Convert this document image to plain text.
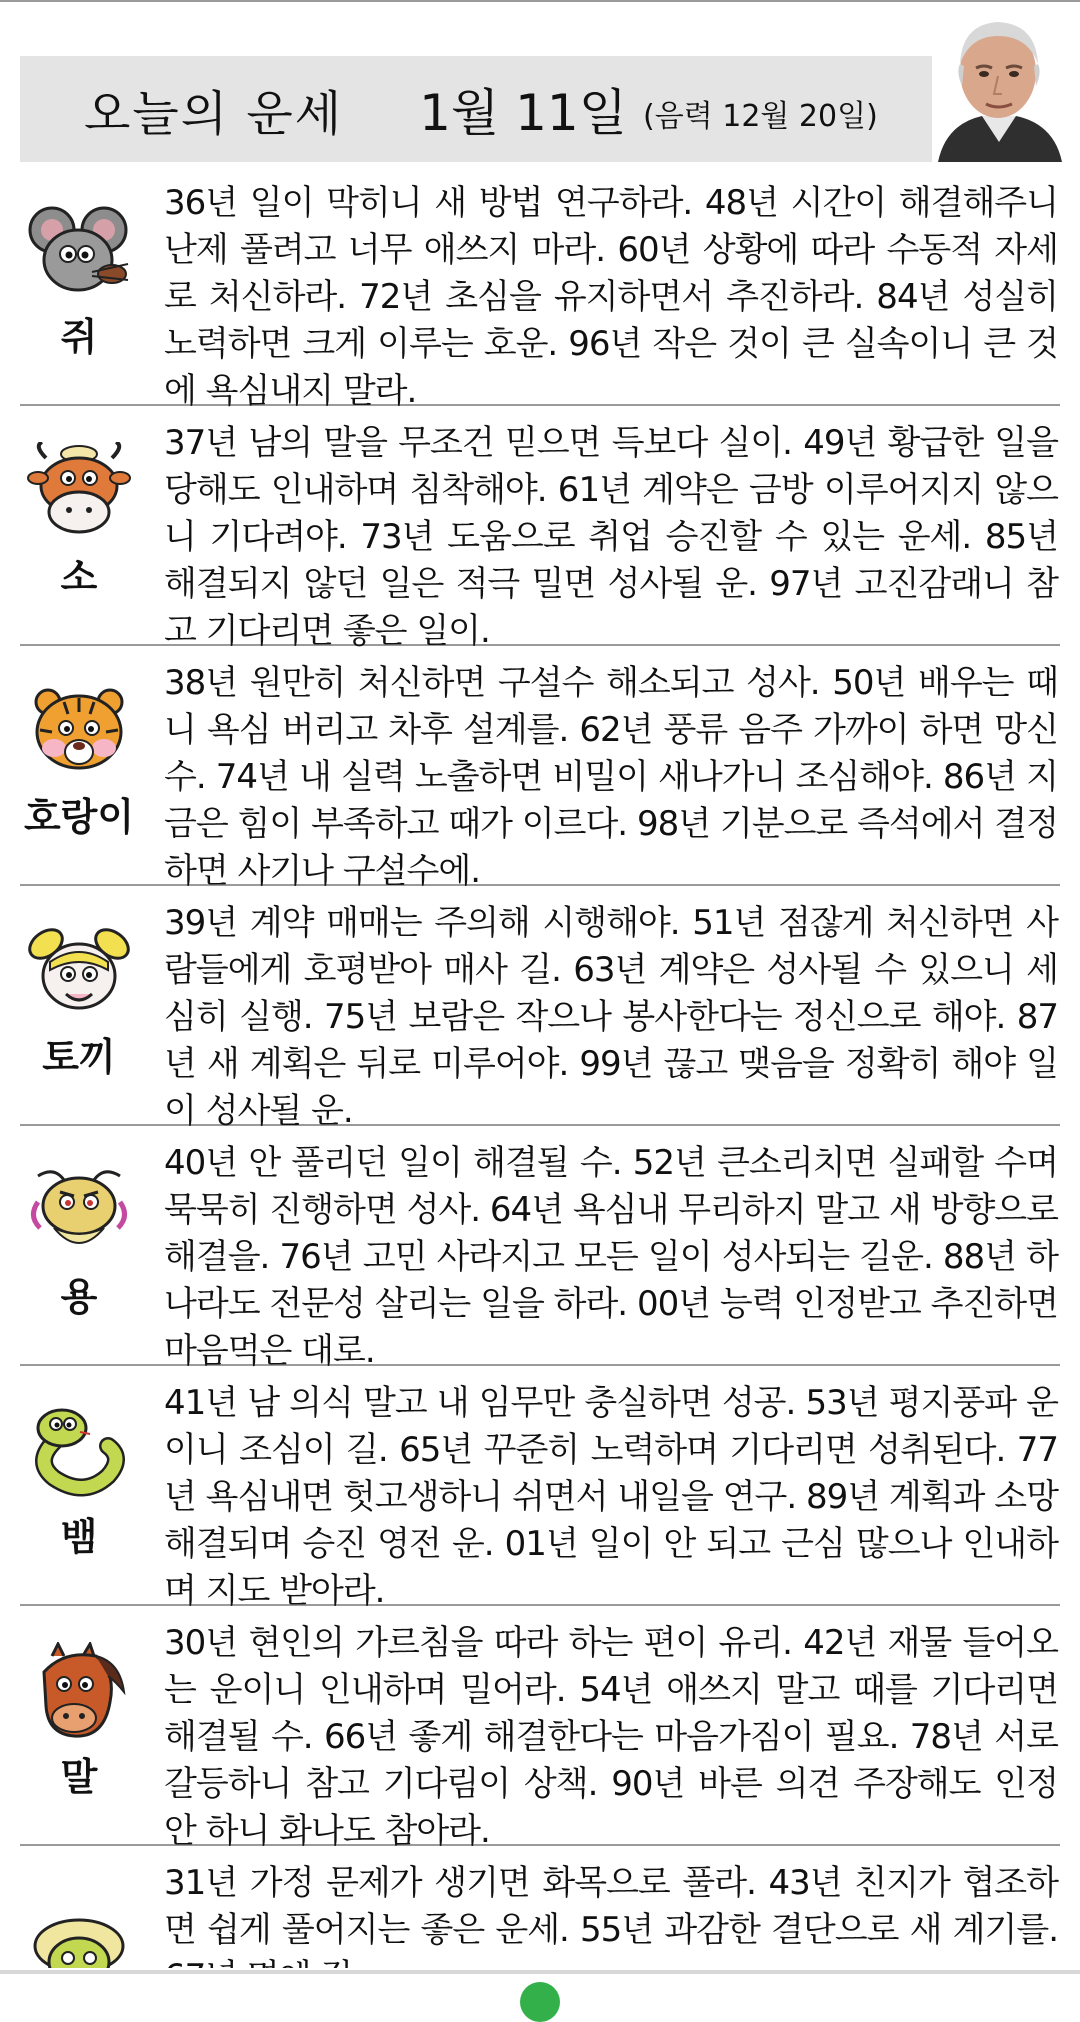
오늘의 운세 1월 11일 (음력 12월 20일)
쥐
36년 일이 막히니 새 방법 연구하라. 48년 시간이 해결해주니 난제 풀려고 너무 애쓰지 마라. 60년 상황에 따라 수동적 자세로 처신하라. 72년 초심을 유지하면서 추진하라. 84년 성실히 노력하면 크게 이루는 호운. 96년 작은 것이 큰 실속이니 큰 것에 욕심내지 말라.
소
37년 남의 말을 무조건 믿으면 득보다 실이. 49년 황급한 일을 당해도 인내하며 침착해야. 61년 계약은 금방 이루어지지 않으니 기다려야. 73년 도움으로 취업 승진할 수 있는 운세. 85년 해결되지 않던 일은 적극 밀면 성사될 운. 97년 고진감래니 참고 기다리면 좋은 일이.
호랑이
38년 원만히 처신하면 구설수 해소되고 성사. 50년 배우는 때니 욕심 버리고 차후 설계를. 62년 풍류 음주 가까이 하면 망신수. 74년 내 실력 노출하면 비밀이 새나가니 조심해야. 86년 지금은 힘이 부족하고 때가 이르다. 98년 기분으로 즉석에서 결정하면 사기나 구설수에.
토끼
39년 계약 매매는 주의해 시행해야. 51년 점잖게 처신하면 사람들에게 호평받아 매사 길. 63년 계약은 성사될 수 있으니 세심히 실행. 75년 보람은 작으나 봉사한다는 정신으로 해야. 87년 새 계획은 뒤로 미루어야. 99년 끊고 맺음을 정확히 해야 일이 성사될 운.
용
40년 안 풀리던 일이 해결될 수. 52년 큰소리치면 실패할 수며 묵묵히 진행하면 성사. 64년 욕심내 무리하지 말고 새 방향으로 해결을. 76년 고민 사라지고 모든 일이 성사되는 길운. 88년 하나라도 전문성 살리는 일을 하라. 00년 능력 인정받고 추진하면 마음먹은 대로.
뱀
41년 남 의식 말고 내 임무만 충실하면 성공. 53년 평지풍파 운이니 조심이 길. 65년 꾸준히 노력하며 기다리면 성취된다. 77년 욕심내면 헛고생하니 쉬면서 내일을 연구. 89년 계획과 소망 해결되며 승진 영전 운. 01년 일이 안 되고 근심 많으나 인내하며 지도 받아라.
말
30년 현인의 가르침을 따라 하는 편이 유리. 42년 재물 들어오는 운이니 인내하며 밀어라. 54년 애쓰지 말고 때를 기다리면 해결될 수. 66년 좋게 해결한다는 마음가짐이 필요. 78년 서로 갈등하니 참고 기다림이 상책. 90년 바른 의견 주장해도 인정 안 하니 화나도 참아라.
31년 가정 문제가 생기면 화목으로 풀라. 43년 친지가 협조하면 쉽게 풀어지는 좋은 운세. 55년 과감한 결단으로 새 계기를.
